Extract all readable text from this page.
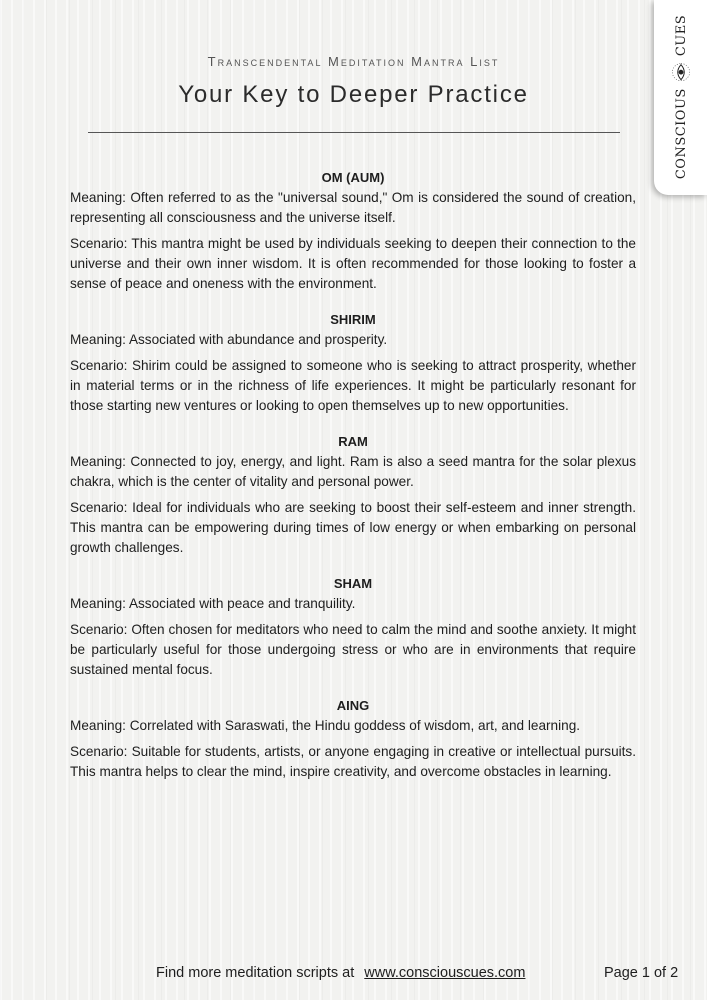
CONSCIOUS
CUES
Transcendental Meditation Mantra List
Your Key to Deeper Practice
OM (AUM)

Meaning: Often referred to as the "universal sound," Om is considered the sound of creation, representing all consciousness and the universe itself.

Scenario: This mantra might be used by individuals seeking to deepen their connection to the universe and their own inner wisdom. It is often recommended for those looking to foster a sense of peace and oneness with the environment.

SHIRIM

Meaning: Associated with abundance and prosperity.

Scenario: Shirim could be assigned to someone who is seeking to attract prosperity, whether in material terms or in the richness of life experiences. It might be particularly resonant for those starting new ventures or looking to open themselves up to new opportunities.

RAM

Meaning: Connected to joy, energy, and light. Ram is also a seed mantra for the solar plexus chakra, which is the center of vitality and personal power.

Scenario: Ideal for individuals who are seeking to boost their self-esteem and inner strength. This mantra can be empowering during times of low energy or when embarking on personal growth challenges.

SHAM

Meaning: Associated with peace and tranquility.

Scenario: Often chosen for meditators who need to calm the mind and soothe anxiety. It might be particularly useful for those undergoing stress or who are in environments that require sustained mental focus.

AING

Meaning: Correlated with Saraswati, the Hindu goddess of wisdom, art, and learning.

Scenario: Suitable for students, artists, or anyone engaging in creative or intellectual pursuits. This mantra helps to clear the mind, inspire creativity, and overcome obstacles in learning.

Find more meditation scripts at www.consciouscues.com	Page 1 of 2
